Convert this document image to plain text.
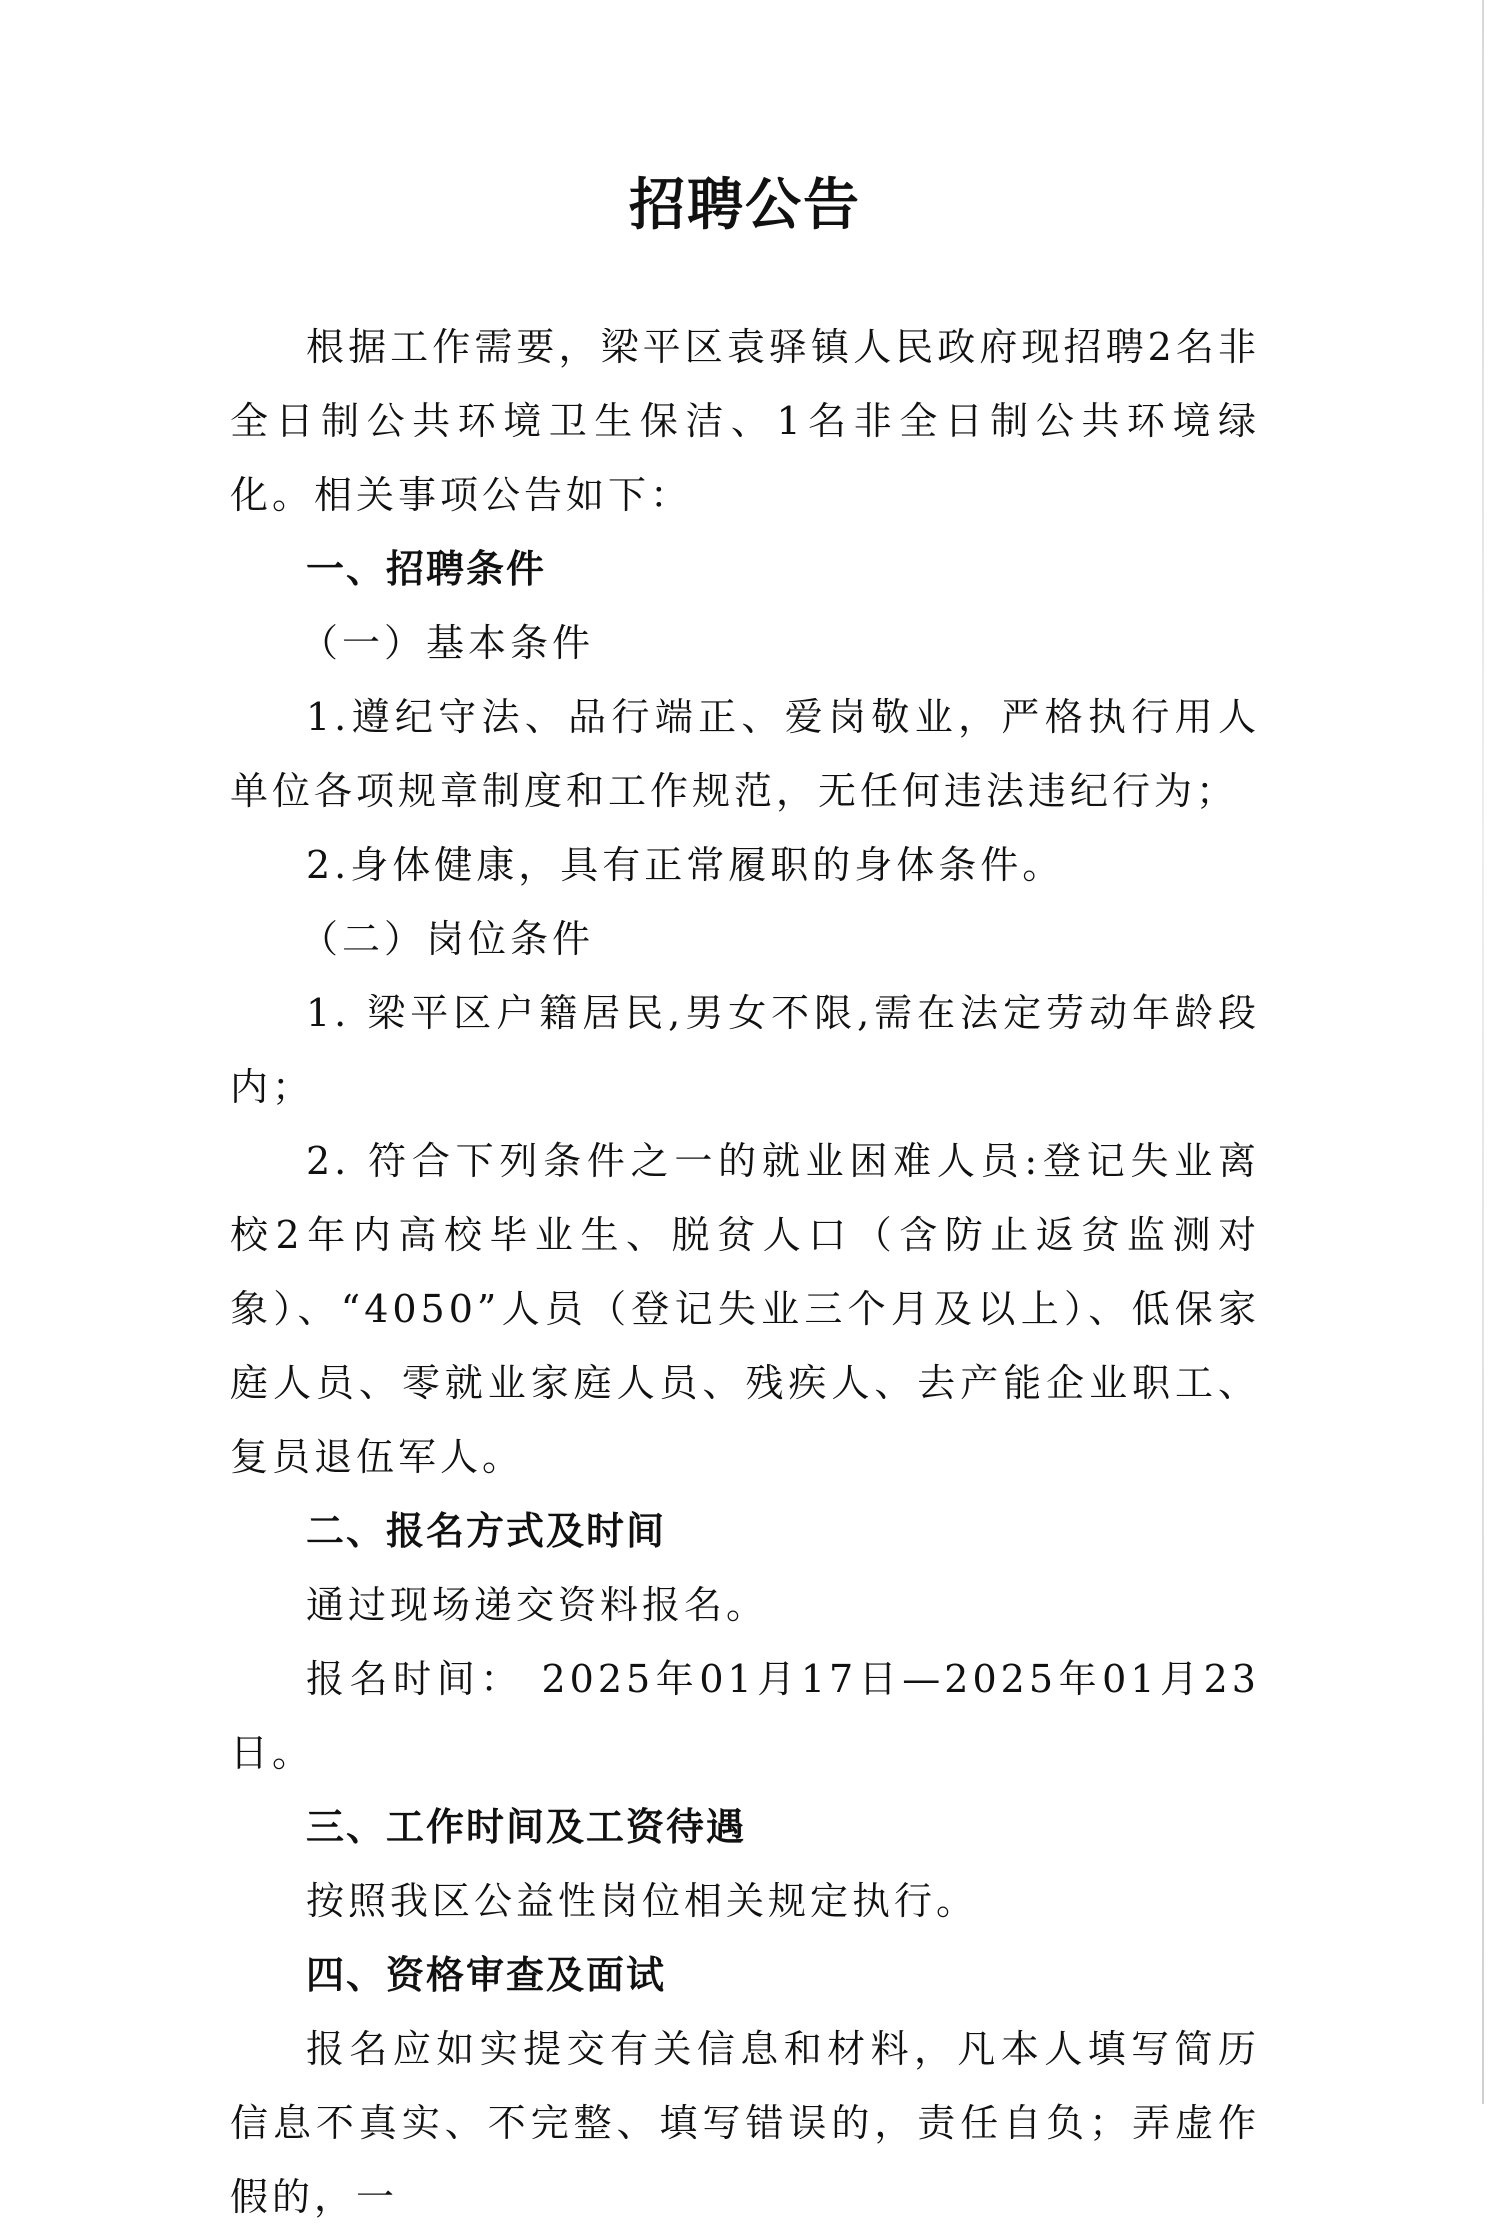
招聘公告

根据工作需要，梁平区袁驿镇人民政府现招聘2名非全日制公共环境卫生保洁、1名非全日制公共环境绿化。相关事项公告如下：

一、招聘条件

（一）基本条件

1.遵纪守法、品行端正、爱岗敬业，严格执行用人单位各项规章制度和工作规范，无任何违法违纪行为；

2.身体健康，具有正常履职的身体条件。

（二）岗位条件

1. 梁平区户籍居民,男女不限,需在法定劳动年龄段内；

2. 符合下列条件之一的就业困难人员:登记失业离校2年内高校毕业生、脱贫人口（含防止返贫监测对象）、“4050”人员（登记失业三个月及以上）、低保家庭人员、零就业家庭人员、残疾人、去产能企业职工、复员退伍军人。

二、报名方式及时间

通过现场递交资料报名。

报名时间： 2025年01月17日—2025年01月23日。

三、工作时间及工资待遇

按照我区公益性岗位相关规定执行。

四、资格审查及面试

报名应如实提交有关信息和材料，凡本人填写简历信息不真实、不完整、填写错误的，责任自负；弄虚作假的，一
